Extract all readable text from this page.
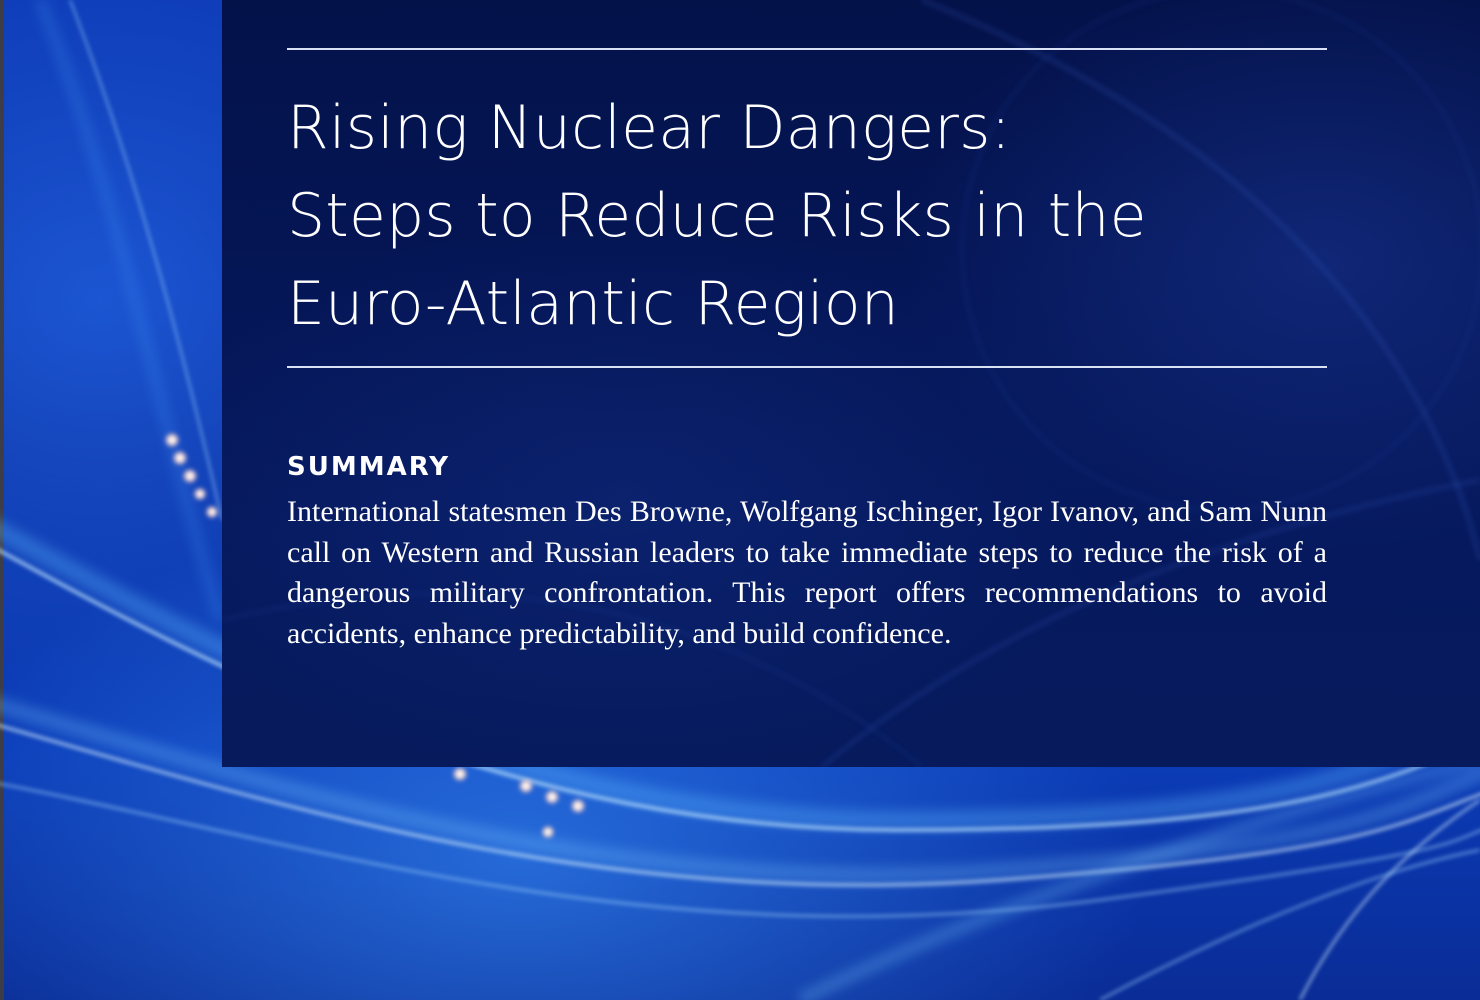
Rising Nuclear Dangers:
Steps to Reduce Risks in the
Euro-Atlantic Region
SUMMARY

International statesmen Des Browne, Wolfgang Ischinger, Igor Ivanov, and Sam Nunn call on Western and Russian leaders to take immediate steps to reduce the risk of a dangerous military confrontation. This report offers recommendations to avoid accidents, enhance predictability, and build confidence.
